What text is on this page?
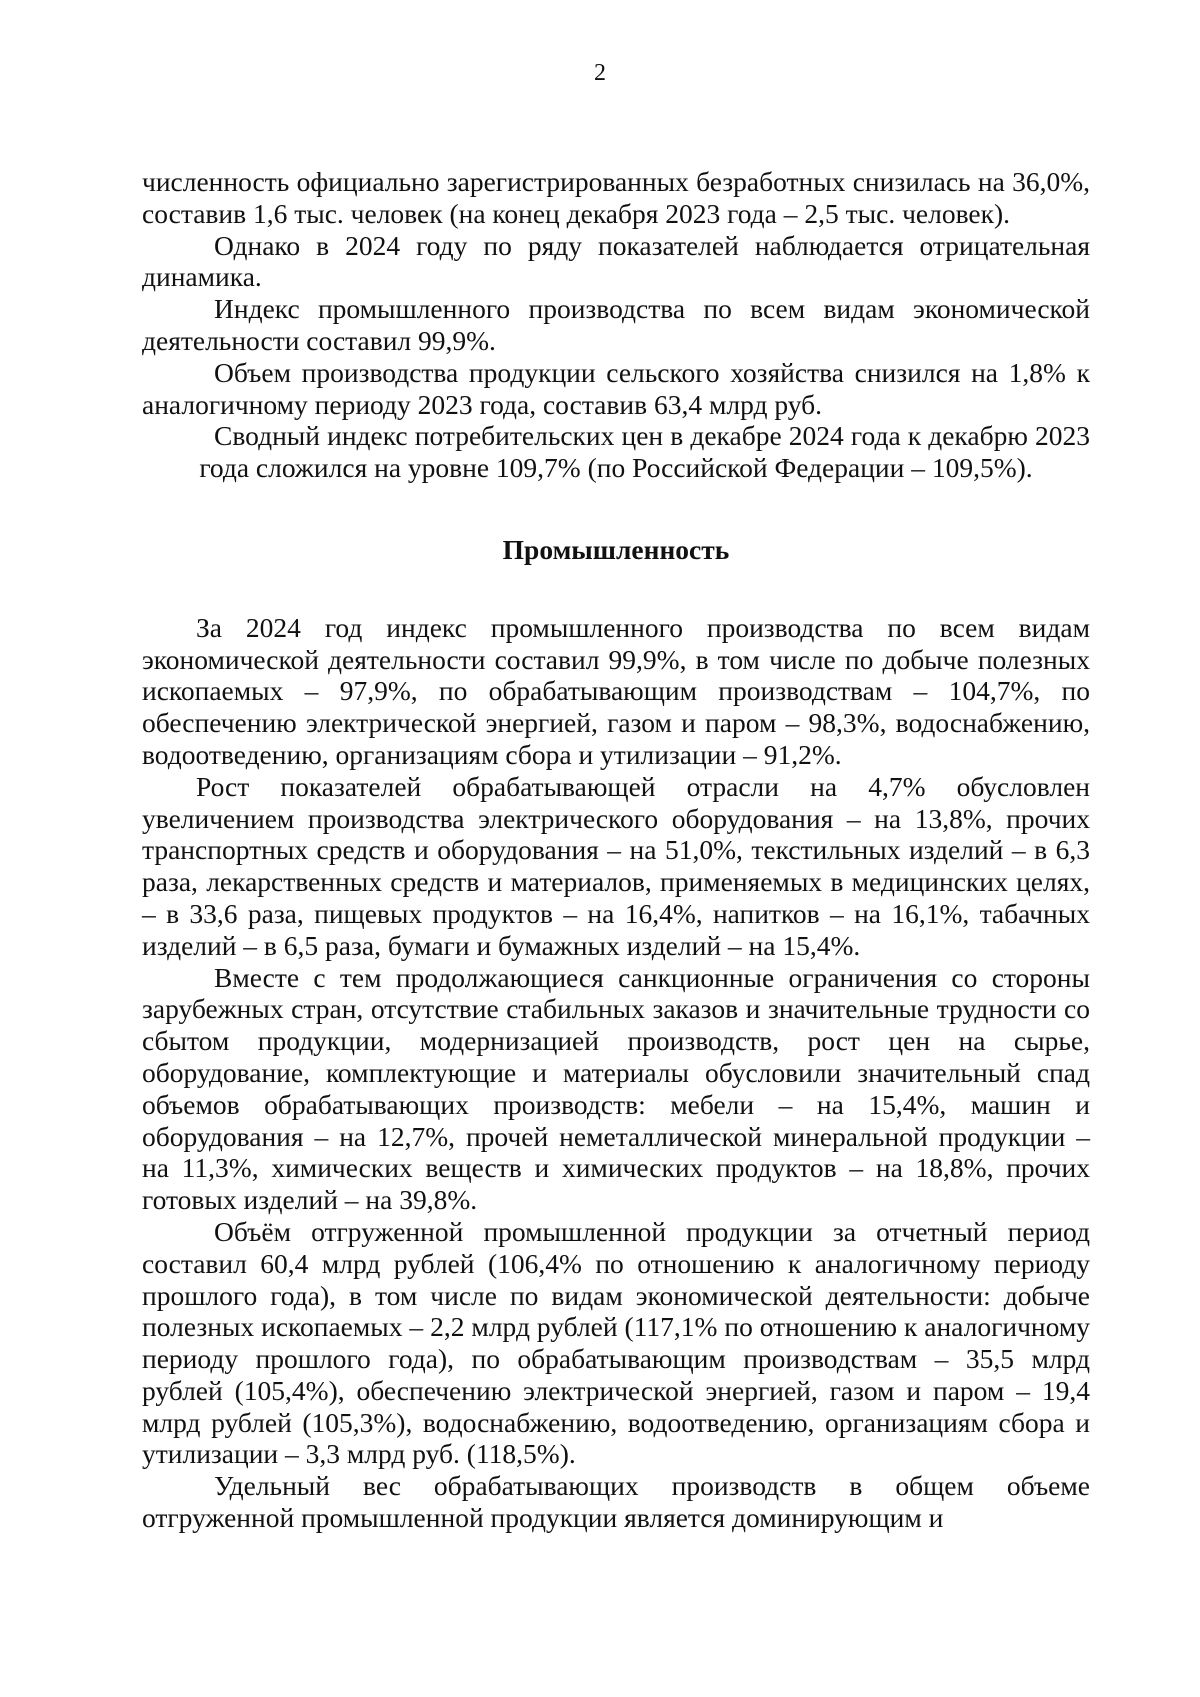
2

численность официально зарегистрированных безработных снизилась на 36,0%, составив 1,6 тыс. человек (на конец декабря 2023 года – 2,5 тыс. человек).

Однако в 2024 году по ряду показателей наблюдается отрицательная динамика.

Индекс промышленного производства по всем видам экономической деятельности составил 99,9%.

Объем производства продукции сельского хозяйства снизился на 1,8% к аналогичному периоду 2023 года, составив 63,4 млрд руб.

Сводный индекс потребительских цен в декабре 2024 года к декабрю 2023 года сложился на уровне 109,7% (по Российской Федерации – 109,5%).

Промышленность

За 2024 год индекс промышленного производства по всем видам экономической деятельности составил 99,9%, в том числе по добыче полезных ископаемых – 97,9%, по обрабатывающим производствам – 104,7%, по обеспечению электрической энергией, газом и паром – 98,3%, водоснабжению, водоотведению, организациям сбора и утилизации – 91,2%.

Рост показателей обрабатывающей отрасли на 4,7% обусловлен увеличением производства электрического оборудования – на 13,8%, прочих транспортных средств и оборудования – на 51,0%, текстильных изделий – в 6,3 раза, лекарственных средств и материалов, применяемых в медицинских целях, – в 33,6 раза, пищевых продуктов – на 16,4%, напитков – на 16,1%, табачных изделий – в 6,5 раза, бумаги и бумажных изделий – на 15,4%.

Вместе с тем продолжающиеся санкционные ограничения со стороны зарубежных стран, отсутствие стабильных заказов и значительные трудности со сбытом продукции, модернизацией производств, рост цен на сырье, оборудование, комплектующие и материалы обусловили значительный спад объемов обрабатывающих производств: мебели – на 15,4%, машин и оборудования – на 12,7%, прочей неметаллической минеральной продукции – на 11,3%, химических веществ и химических продуктов – на 18,8%, прочих готовых изделий – на 39,8%.

Объём отгруженной промышленной продукции за отчетный период составил 60,4 млрд рублей (106,4% по отношению к аналогичному периоду прошлого года), в том числе по видам экономической деятельности: добыче полезных ископаемых – 2,2 млрд рублей (117,1% по отношению к аналогичному периоду прошлого года), по обрабатывающим производствам – 35,5 млрд рублей (105,4%), обеспечению электрической энергией, газом и паром – 19,4 млрд рублей (105,3%), водоснабжению, водоотведению, организациям сбора и утилизации – 3,3 млрд руб. (118,5%).

Удельный вес обрабатывающих производств в общем объеме отгруженной промышленной продукции является доминирующим и
